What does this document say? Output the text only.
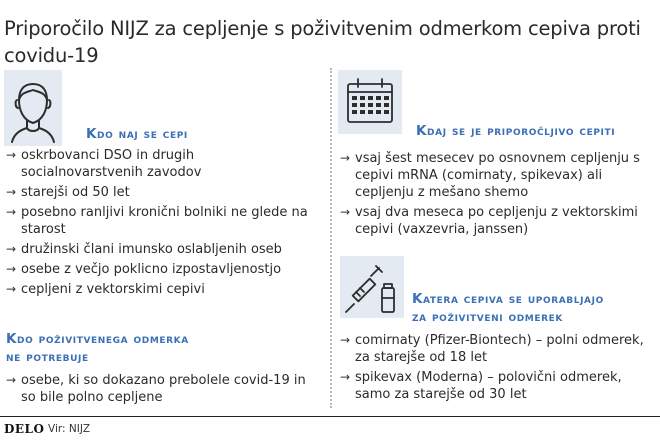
Priporočilo NIJZ za cepljenje s poživitvenim odmerkom cepiva proti covidu-19
Kdo naj se cepi
→ oskrbovanci DSO in drugih socialnovarstvenih zavodov
→ starejši od 50 let
→ posebno ranljivi kronični bolniki ne glede na starost
→ družinski člani imunsko oslabljenih oseb
→ osebe z večjo poklicno izpostavljenostjo
→ cepljeni z vektorskimi cepivi
Kdo poživitvenega odmerka
ne potrebuje
→ osebe, ki so dokazano prebolele covid-19 in so bile polno cepljene
Kdaj se je priporočljivo cepiti
→ vsaj šest mesecev po osnovnem cepljenju s cepivi mRNA (comirnaty, spikevax) ali cepljenju z mešano shemo
→ vsaj dva meseca po cepljenju z vektorskimi cepivi (vaxzevria, janssen)
Katera cepiva se uporabljajo
za poživitveni odmerek
→ comirnaty (Pfizer-Biontech) – polni odmerek, za starejše od 18 let
→ spikevax (Moderna) – polovični odmerek, samo za starejše od 30 let
DELO Vir: NIJZ
